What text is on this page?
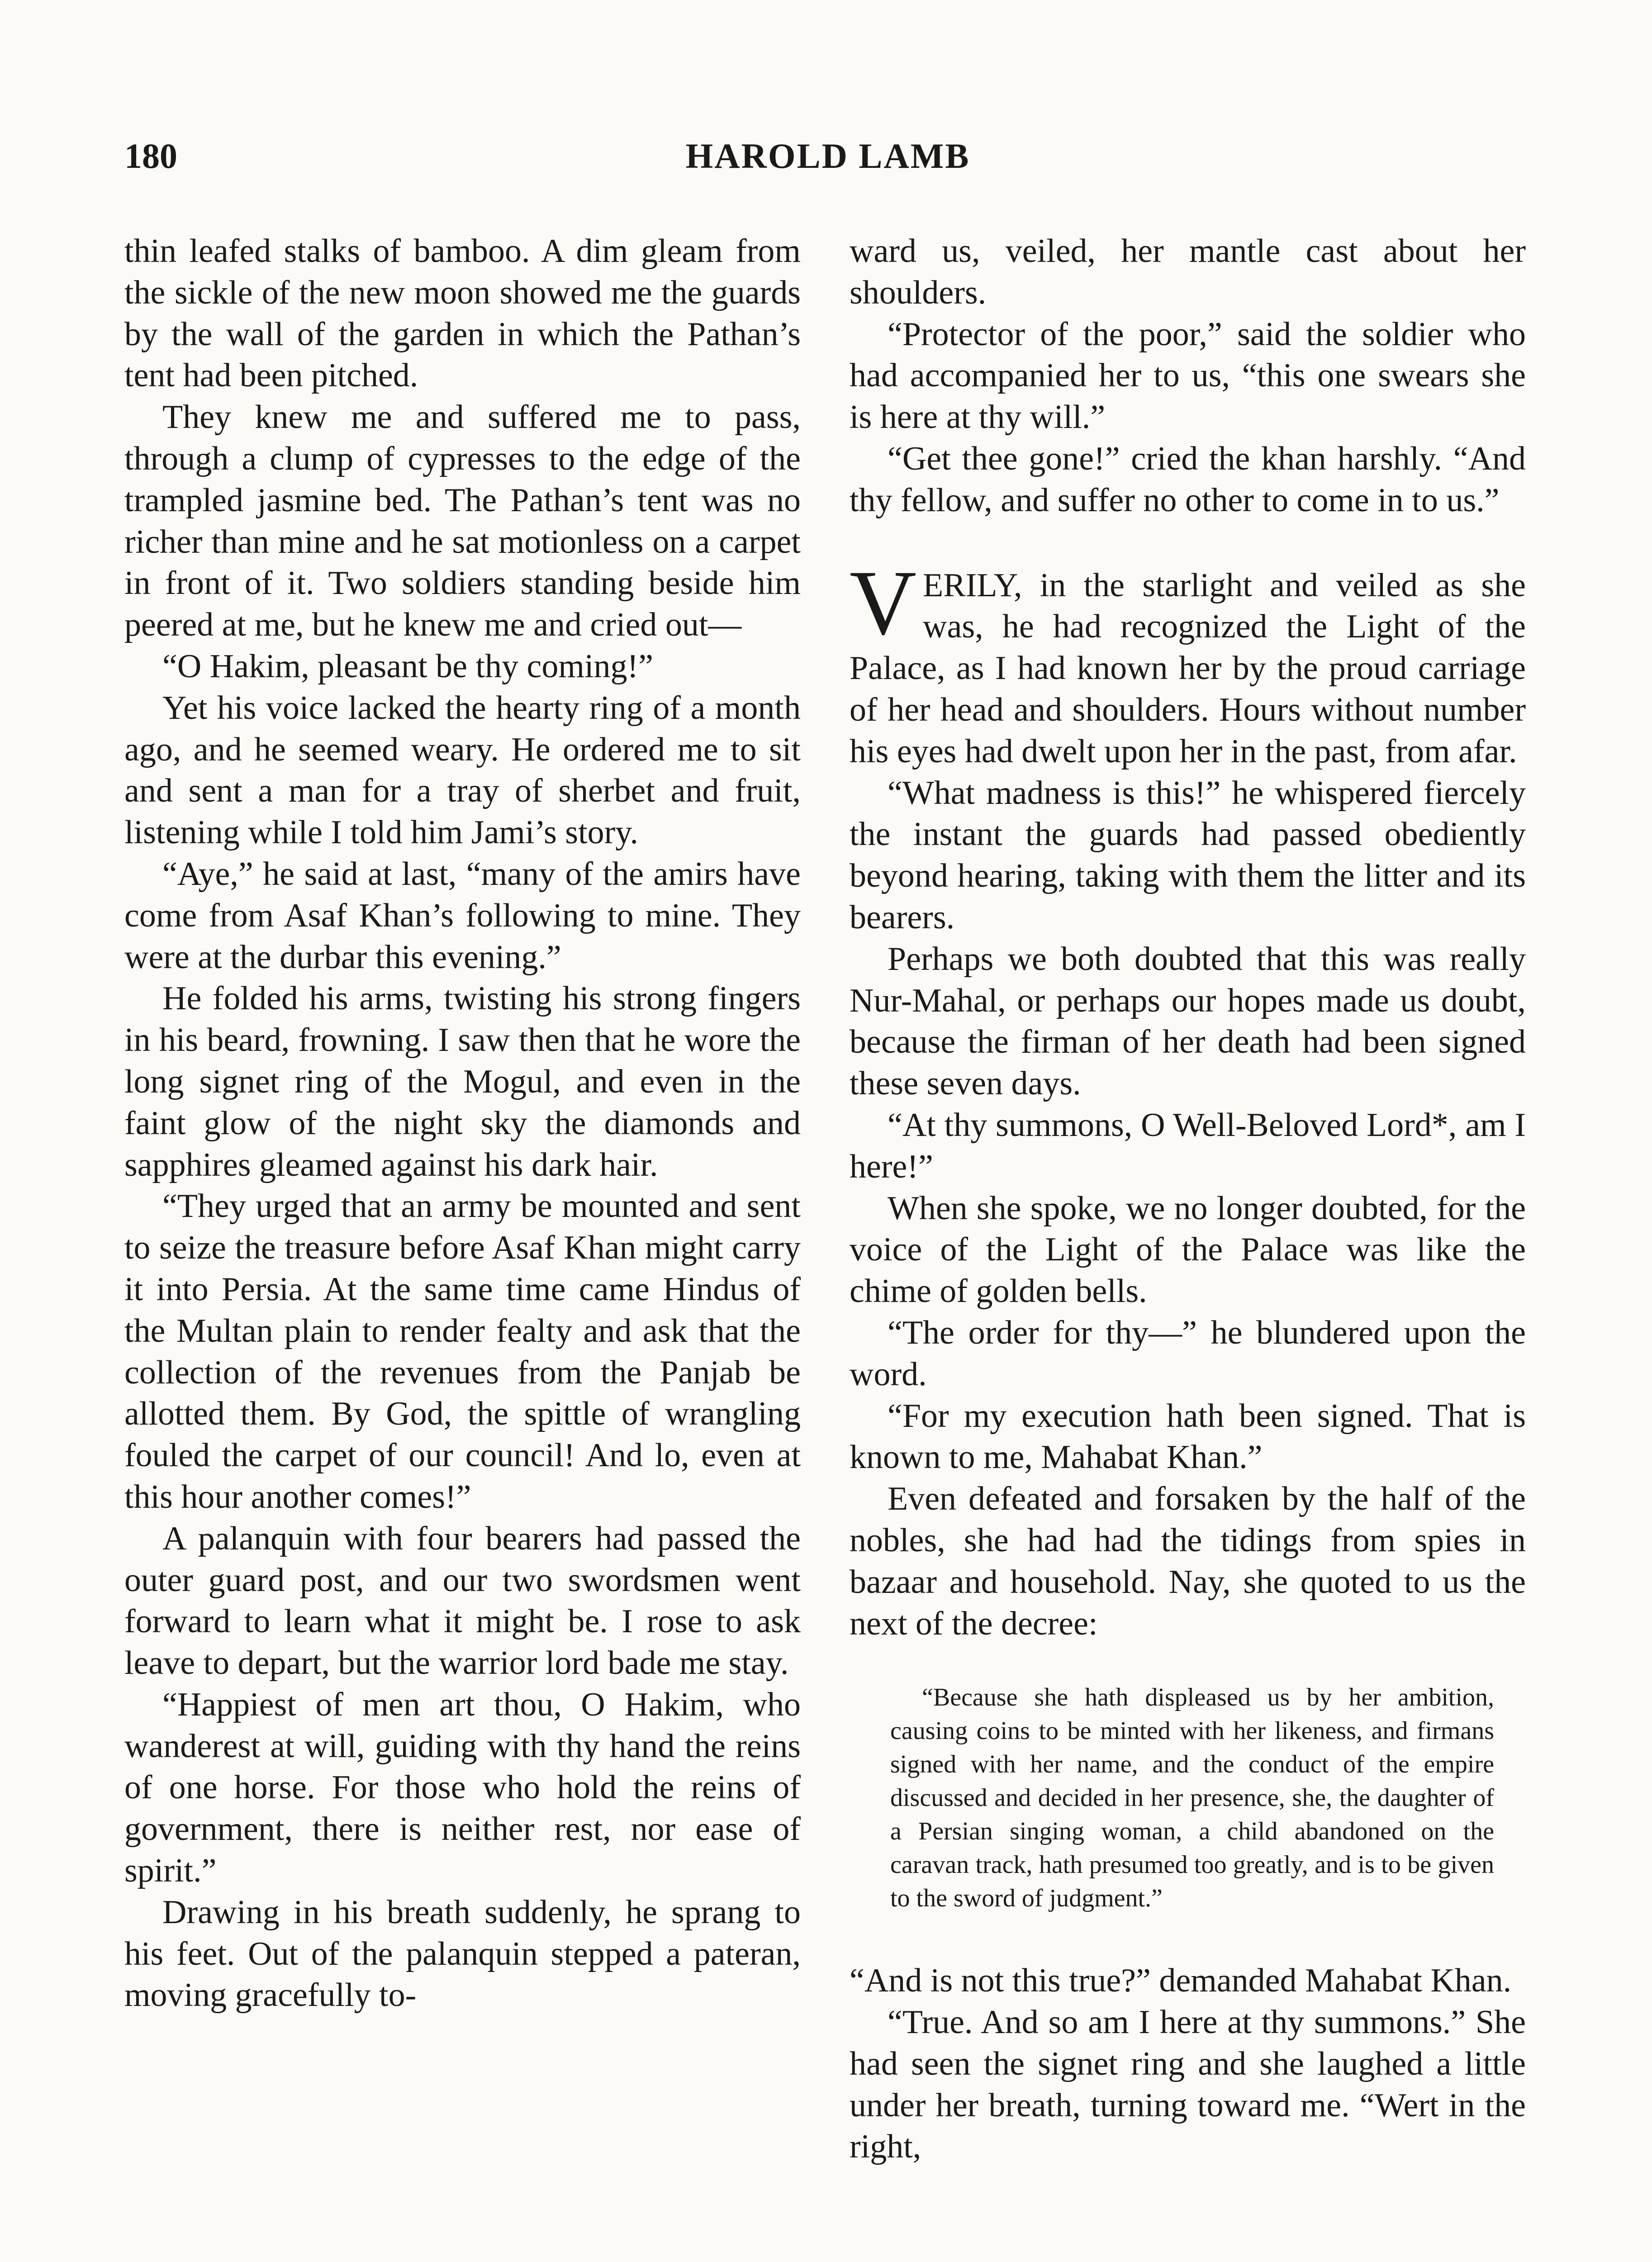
180	HAROLD LAMB

thin leafed stalks of bamboo. A dim gleam from the sickle of the new moon showed me the guards by the wall of the garden in which the Pathan’s tent had been pitched.

They knew me and suffered me to pass, through a clump of cypresses to the edge of the trampled jasmine bed. The Pathan’s tent was no richer than mine and he sat motionless on a carpet in front of it. Two soldiers standing beside him peered at me, but he knew me and cried out—

“O Hakim, pleasant be thy coming!”

Yet his voice lacked the hearty ring of a month ago, and he seemed weary. He ordered me to sit and sent a man for a tray of sherbet and fruit, listening while I told him Jami’s story.

“Aye,” he said at last, “many of the amirs have come from Asaf Khan’s following to mine. They were at the durbar this evening.”

He folded his arms, twisting his strong fingers in his beard, frowning. I saw then that he wore the long signet ring of the Mogul, and even in the faint glow of the night sky the diamonds and sapphires gleamed against his dark hair.

“They urged that an army be mounted and sent to seize the treasure before Asaf Khan might carry it into Persia. At the same time came Hindus of the Multan plain to render fealty and ask that the collection of the revenues from the Panjab be allotted them. By God, the spittle of wrangling fouled the carpet of our council! And lo, even at this hour another comes!”

A palanquin with four bearers had passed the outer guard post, and our two swordsmen went forward to learn what it might be. I rose to ask leave to depart, but the warrior lord bade me stay.

“Happiest of men art thou, O Hakim, who wanderest at will, guiding with thy hand the reins of one horse. For those who hold the reins of government, there is neither rest, nor ease of spirit.”

Drawing in his breath suddenly, he sprang to his feet. Out of the palanquin stepped a pateran, moving gracefully to-

ward us, veiled, her mantle cast about her shoulders.

“Protector of the poor,” said the soldier who had accompanied her to us, “this one swears she is here at thy will.”

“Get thee gone!” cried the khan harshly. “And thy fellow, and suffer no other to come in to us.”

VERILY, in the starlight and veiled as she was, he had recognized the Light of the Palace, as I had known her by the proud carriage of her head and shoulders. Hours without number his eyes had dwelt upon her in the past, from afar.

“What madness is this!” he whispered fiercely the instant the guards had passed obediently beyond hearing, taking with them the litter and its bearers.

Perhaps we both doubted that this was really Nur-Mahal, or perhaps our hopes made us doubt, because the firman of her death had been signed these seven days.

“At thy summons, O Well-Beloved Lord*, am I here!”

When she spoke, we no longer doubted, for the voice of the Light of the Palace was like the chime of golden bells.

“The order for thy—” he blundered upon the word.

“For my execution hath been signed. That is known to me, Mahabat Khan.”

Even defeated and forsaken by the half of the nobles, she had had the tidings from spies in bazaar and household. Nay, she quoted to us the next of the decree:

“Because she hath displeased us by her ambition, causing coins to be minted with her likeness, and firmans signed with her name, and the conduct of the empire discussed and decided in her presence, she, the daughter of a Persian singing woman, a child abandoned on the caravan track, hath presumed too greatly, and is to be given to the sword of judgment.”

“And is not this true?” demanded Mahabat Khan.

“True. And so am I here at thy summons.” She had seen the signet ring and she laughed a little under her breath, turning toward me. “Wert in the right,
